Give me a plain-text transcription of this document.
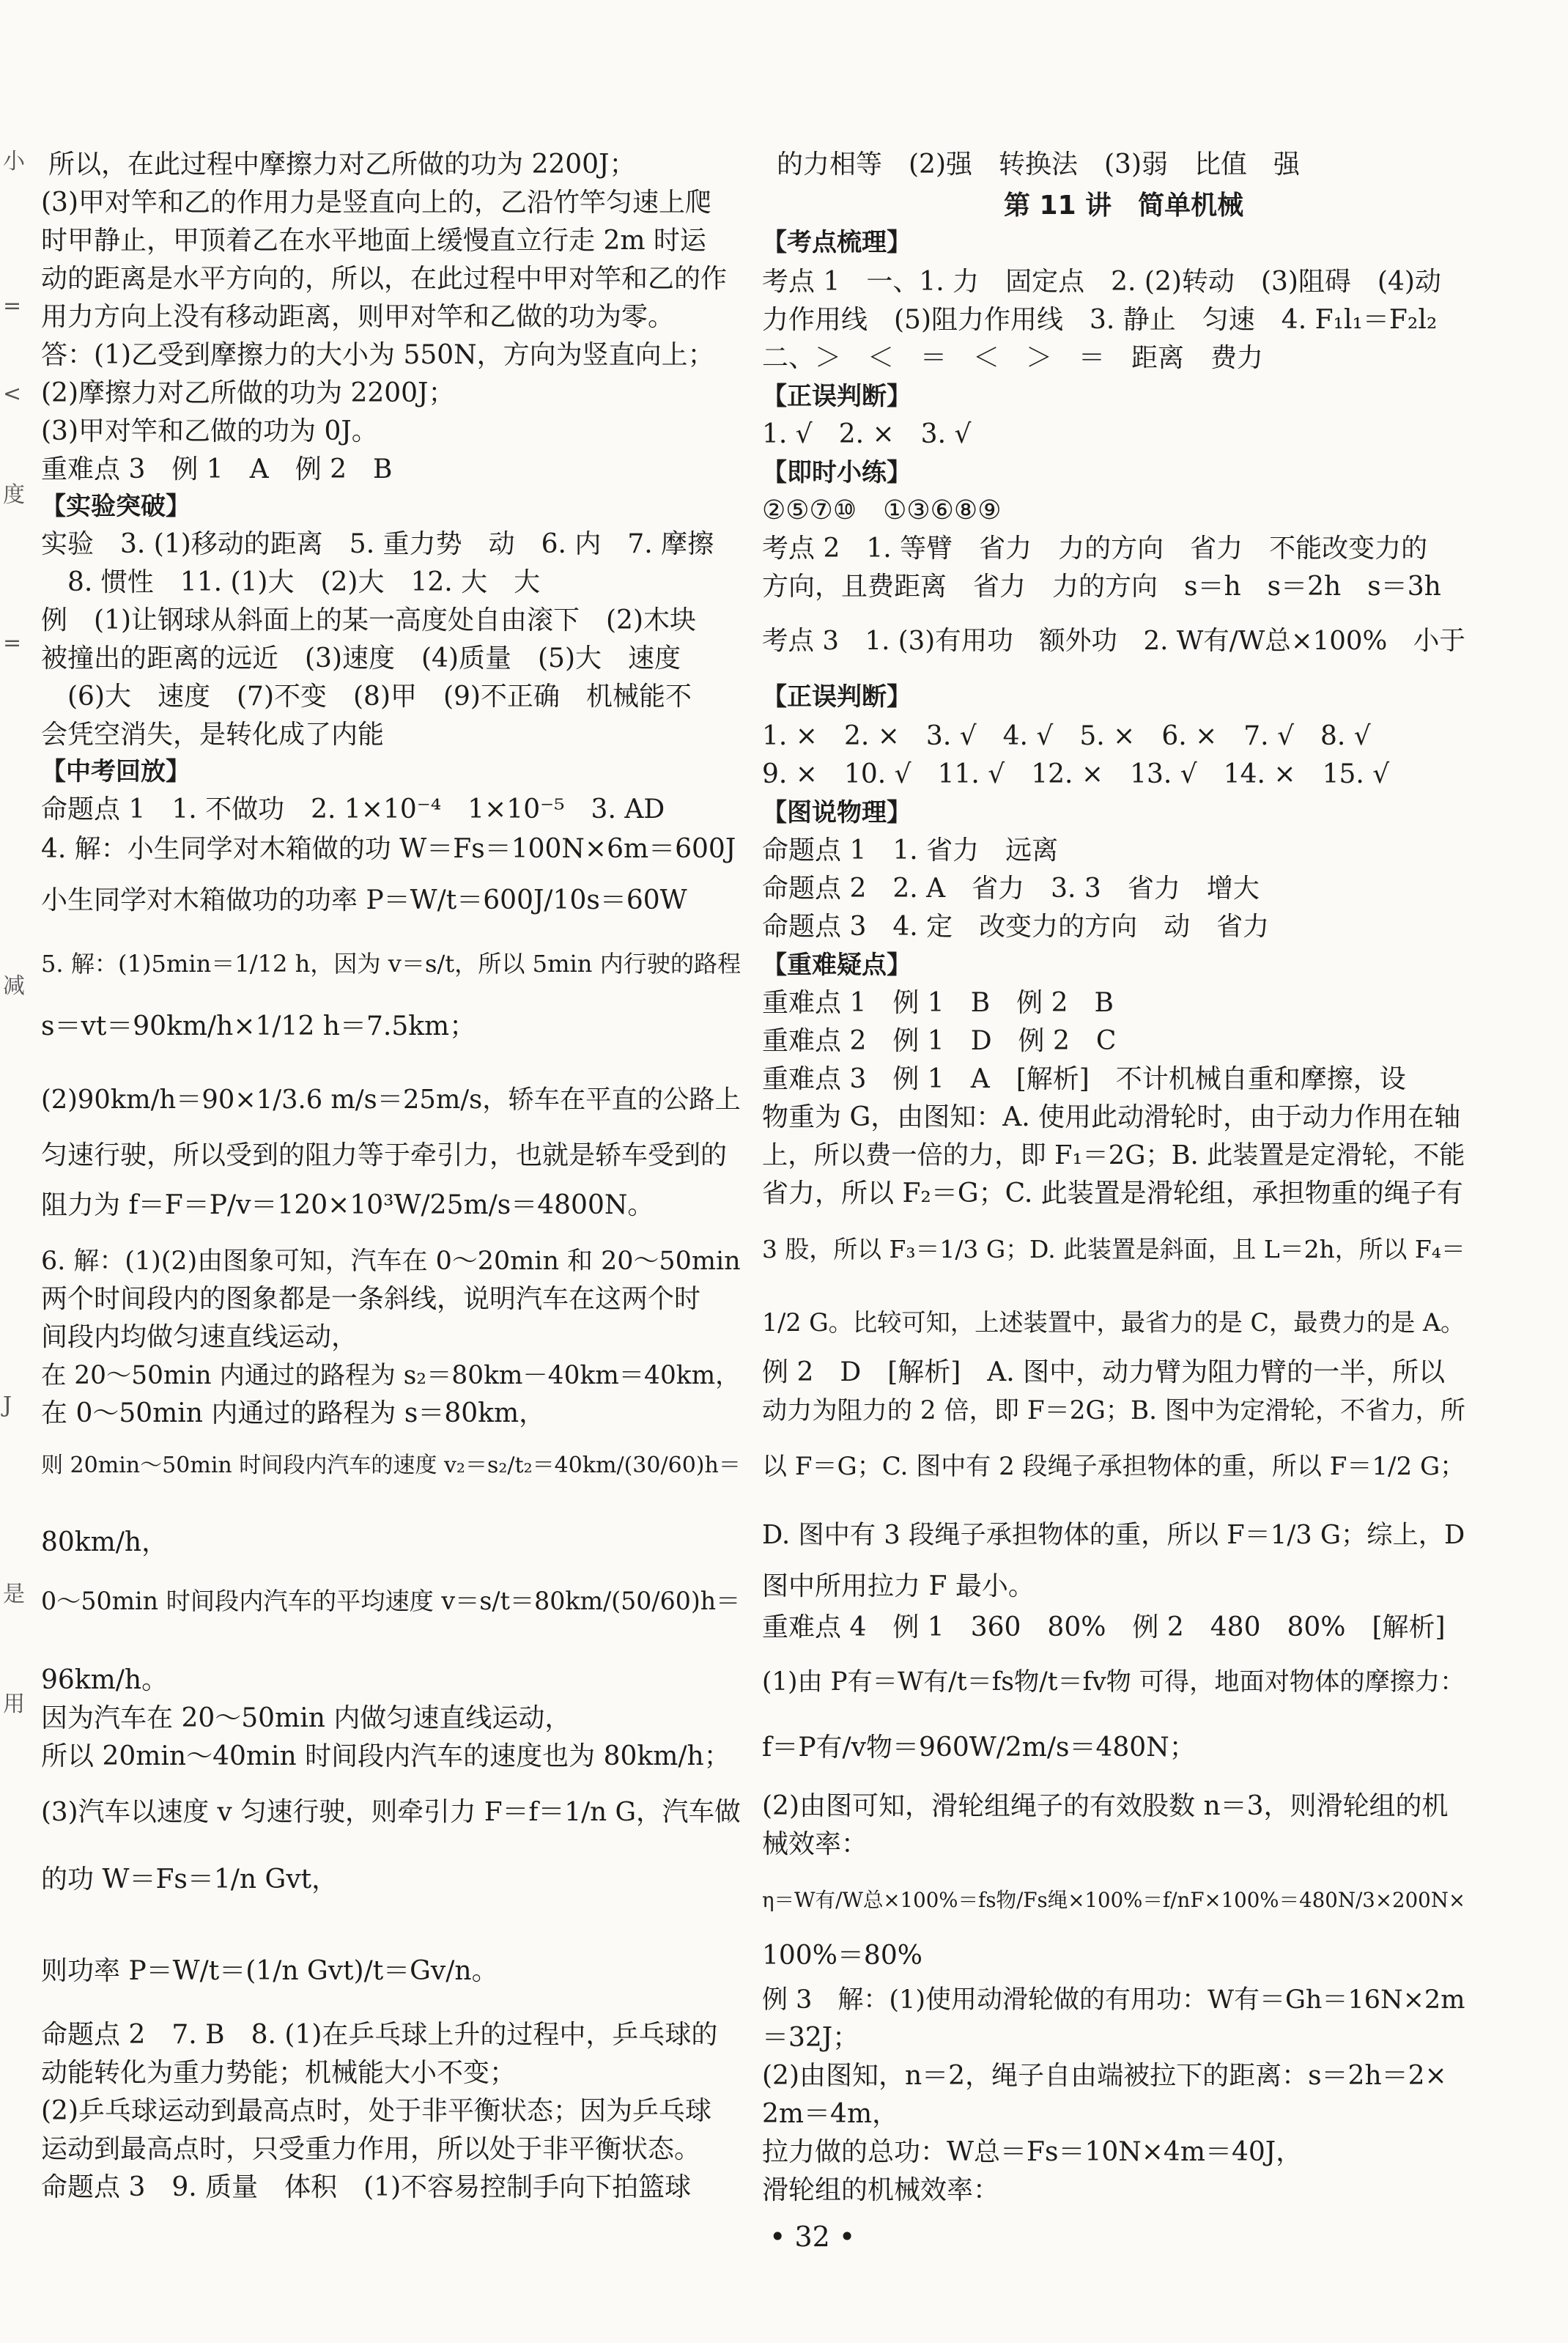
小
=
<
度
=
减
J
是
用
所以，在此过程中摩擦力对乙所做的功为 2200J；
(3)甲对竿和乙的作用力是竖直向上的，乙沿竹竿匀速上爬
时甲静止，甲顶着乙在水平地面上缓慢直立行走 2m 时运
动的距离是水平方向的，所以，在此过程中甲对竿和乙的作
用力方向上没有移动距离，则甲对竿和乙做的功为零。
答：(1)乙受到摩擦力的大小为 550N，方向为竖直向上；
(2)摩擦力对乙所做的功为 2200J；
(3)甲对竿和乙做的功为 0J。
重难点 3　例 1　A　例 2　B
【实验突破】
实验　3. (1)移动的距离　5. 重力势　动　6. 内　7. 摩擦
　8. 惯性　11. (1)大　(2)大　12. 大　大
例　(1)让钢球从斜面上的某一高度处自由滚下　(2)木块
被撞出的距离的远近　(3)速度　(4)质量　(5)大　速度
　(6)大　速度　(7)不变　(8)甲　(9)不正确　机械能不
会凭空消失，是转化成了内能
【中考回放】
命题点 1　1. 不做功　2. 1×10⁻⁴　1×10⁻⁵　3. AD
4. 解：小生同学对木箱做的功 W＝Fs＝100N×6m＝600J
小生同学对木箱做功的功率 P＝W/t＝600J/10s＝60W
5. 解：(1)5min＝1/12 h，因为 v＝s/t，所以 5min 内行驶的路程
s＝vt＝90km/h×1/12 h＝7.5km；
(2)90km/h＝90×1/3.6 m/s＝25m/s，轿车在平直的公路上
匀速行驶，所以受到的阻力等于牵引力，也就是轿车受到的
阻力为 f＝F＝P/v＝120×10³W/25m/s＝4800N。
6. 解：(1)(2)由图象可知，汽车在 0～20min 和 20～50min
两个时间段内的图象都是一条斜线，说明汽车在这两个时
间段内均做匀速直线运动，
在 20～50min 内通过的路程为 s₂＝80km－40km＝40km，
在 0～50min 内通过的路程为 s＝80km，
则 20min～50min 时间段内汽车的速度 v₂＝s₂/t₂＝40km/(30/60)h＝
80km/h，
0～50min 时间段内汽车的平均速度 v＝s/t＝80km/(50/60)h＝
96km/h。
因为汽车在 20～50min 内做匀速直线运动，
所以 20min～40min 时间段内汽车的速度也为 80km/h；
(3)汽车以速度 v 匀速行驶，则牵引力 F＝f＝1/n G，汽车做
的功 W＝Fs＝1/n Gvt，
则功率 P＝W/t＝(1/n Gvt)/t＝Gv/n。
命题点 2　7. B　8. (1)在乒乓球上升的过程中，乒乓球的
动能转化为重力势能；机械能大小不变；
(2)乒乓球运动到最高点时，处于非平衡状态；因为乒乓球
运动到最高点时，只受重力作用，所以处于非平衡状态。
命题点 3　9. 质量　体积　(1)不容易控制手向下拍篮球
的力相等　(2)强　转换法　(3)弱　比值　强
第 11 讲　简单机械
【考点梳理】
考点 1　一、1. 力　固定点　2. (2)转动　(3)阻碍　(4)动
力作用线　(5)阻力作用线　3. 静止　匀速　4. F₁l₁＝F₂l₂
二、＞　＜　＝　＜　＞　＝　距离　费力
【正误判断】
1. √　2. ×　3. √
【即时小练】
②⑤⑦⑩　①③⑥⑧⑨
考点 2　1. 等臂　省力　力的方向　省力　不能改变力的
方向，且费距离　省力　力的方向　s＝h　s＝2h　s＝3h
考点 3　1. (3)有用功　额外功　2. W有/W总×100%　小于
【正误判断】
1. ×　2. ×　3. √　4. √　5. ×　6. ×　7. √　8. √
9. ×　10. √　11. √　12. ×　13. √　14. ×　15. √
【图说物理】
命题点 1　1. 省力　远离
命题点 2　2. A　省力　3. 3　省力　增大
命题点 3　4. 定　改变力的方向　动　省力
【重难疑点】
重难点 1　例 1　B　例 2　B
重难点 2　例 1　D　例 2　C
重难点 3　例 1　A　[解析]　不计机械自重和摩擦，设
物重为 G，由图知：A. 使用此动滑轮时，由于动力作用在轴
上，所以费一倍的力，即 F₁＝2G；B. 此装置是定滑轮，不能
省力，所以 F₂＝G；C. 此装置是滑轮组，承担物重的绳子有
3 股，所以 F₃＝1/3 G；D. 此装置是斜面，且 L＝2h，所以 F₄＝
1/2 G。比较可知，上述装置中，最省力的是 C，最费力的是 A。
例 2　D　[解析]　A. 图中，动力臂为阻力臂的一半，所以
动力为阻力的 2 倍，即 F＝2G；B. 图中为定滑轮，不省力，所
以 F＝G；C. 图中有 2 段绳子承担物体的重，所以 F＝1/2 G；
D. 图中有 3 段绳子承担物体的重，所以 F＝1/3 G；综上，D
图中所用拉力 F 最小。
重难点 4　例 1　360　80%　例 2　480　80%　[解析]
(1)由 P有＝W有/t＝fs物/t＝fv物 可得，地面对物体的摩擦力：
f＝P有/v物＝960W/2m/s＝480N；
(2)由图可知，滑轮组绳子的有效股数 n＝3，则滑轮组的机
械效率：
η＝W有/W总×100%＝fs物/Fs绳×100%＝f/nF×100%＝480N/3×200N×
100%＝80%
例 3　解：(1)使用动滑轮做的有用功：W有＝Gh＝16N×2m
＝32J；
(2)由图知，n＝2，绳子自由端被拉下的距离：s＝2h＝2×
2m＝4m，
拉力做的总功：W总＝Fs＝10N×4m＝40J，
滑轮组的机械效率：
• 32 •
